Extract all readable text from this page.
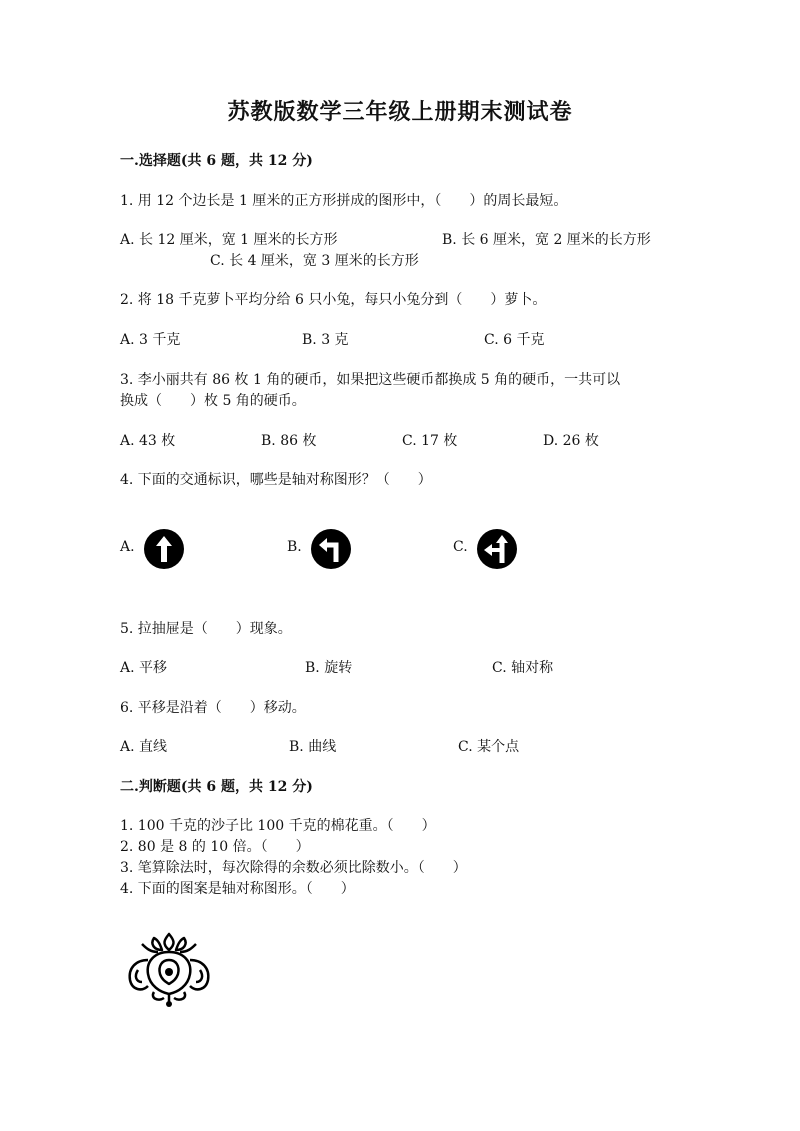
苏教版数学三年级上册期末测试卷
一.选择题(共 6 题，共 12 分)
1. 用 12 个边长是 1 厘米的正方形拼成的图形中，（　　）的周长最短。
A. 长 12 厘米，宽 1 厘米的长方形	B. 长 6 厘米，宽 2 厘米的长方形
C. 长 4 厘米，宽 3 厘米的长方形
2. 将 18 千克萝卜平均分给 6 只小兔，每只小兔分到（　　）萝卜。
A. 3 千克	B. 3 克	C. 6 千克
3. 李小丽共有 86 枚 1 角的硬币，如果把这些硬币都换成 5 角的硬币，一共可以
换成（　　）枚 5 角的硬币。
A. 43 枚	B. 86 枚	C. 17 枚	D. 26 枚
4. 下面的交通标识，哪些是轴对称图形？（　　）
A.	B.	C.
5. 拉抽屉是（　　）现象。
A. 平移	B. 旋转	C. 轴对称
6. 平移是沿着（　　）移动。
A. 直线	B. 曲线	C. 某个点
二.判断题(共 6 题，共 12 分)
1. 100 千克的沙子比 100 千克的棉花重。（　　）
2. 80 是 8 的 10 倍。（　　）
3. 笔算除法时，每次除得的余数必须比除数小。（　　）
4. 下面的图案是轴对称图形。（　　）
